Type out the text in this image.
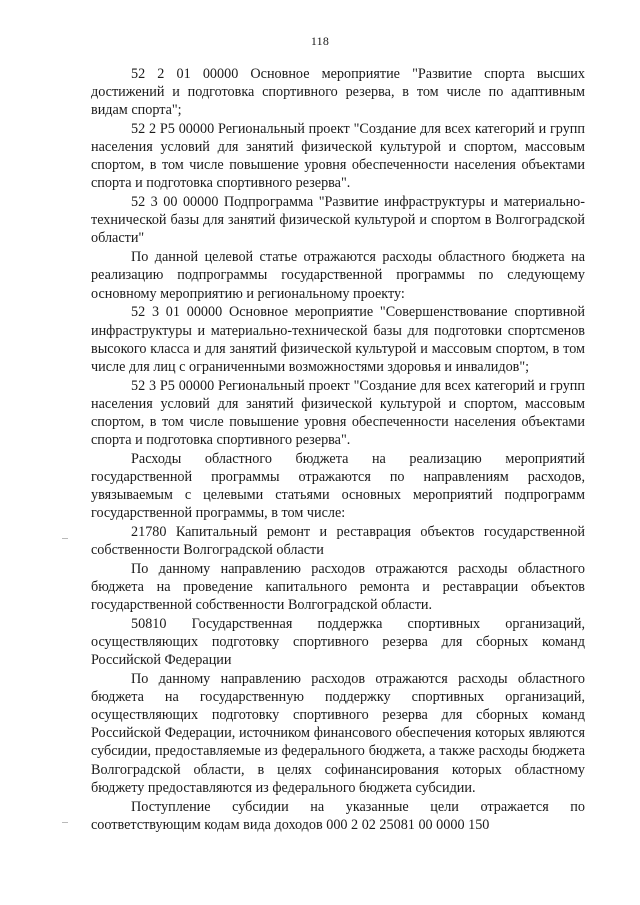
118

52 2 01 00000 Основное мероприятие "Развитие спорта высших достижений и подготовка спортивного резерва, в том числе по адаптивным видам спорта";

52 2 Р5 00000 Региональный проект "Создание для всех категорий и групп населения условий для занятий физической культурой и спортом, массовым спортом, в том числе повышение уровня обеспеченности населения объектами спорта и подготовка спортивного резерва".

52 3 00 00000 Подпрограмма "Развитие инфраструктуры и материально-технической базы для занятий физической культурой и спортом в Волгоградской области"

По данной целевой статье отражаются расходы областного бюджета на реализацию подпрограммы государственной программы по следующему основному мероприятию и региональному проекту:

52 3 01 00000 Основное мероприятие "Совершенствование спортивной инфраструктуры и материально-технической базы для подготовки спортсменов высокого класса и для занятий физической культурой и массовым спортом, в том числе для лиц с ограниченными возможностями здоровья и инвалидов";

52 3 Р5 00000 Региональный проект "Создание для всех категорий и групп населения условий для занятий физической культурой и спортом, массовым спортом, в том числе повышение уровня обеспеченности населения объектами спорта и подготовка спортивного резерва".

Расходы областного бюджета на реализацию мероприятий государственной программы отражаются по направлениям расходов, увязываемым с целевыми статьями основных мероприятий подпрограмм государственной программы, в том числе:

21780 Капитальный ремонт и реставрация объектов государственной собственности Волгоградской области

По данному направлению расходов отражаются расходы областного бюджета на проведение капитального ремонта и реставрации объектов государственной собственности Волгоградской области.

50810 Государственная поддержка спортивных организаций, осуществляющих подготовку спортивного резерва для сборных команд Российской Федерации

По данному направлению расходов отражаются расходы областного бюджета на государственную поддержку спортивных организаций, осуществляющих подготовку спортивного резерва для сборных команд Российской Федерации, источником финансового обеспечения которых являются субсидии, предоставляемые из федерального бюджета, а также расходы бюджета Волгоградской области, в целях софинансирования которых областному бюджету предоставляются из федерального бюджета субсидии.

Поступление субсидии на указанные цели отражается по соответствующим кодам вида доходов 000 2 02 25081 00 0000 150
